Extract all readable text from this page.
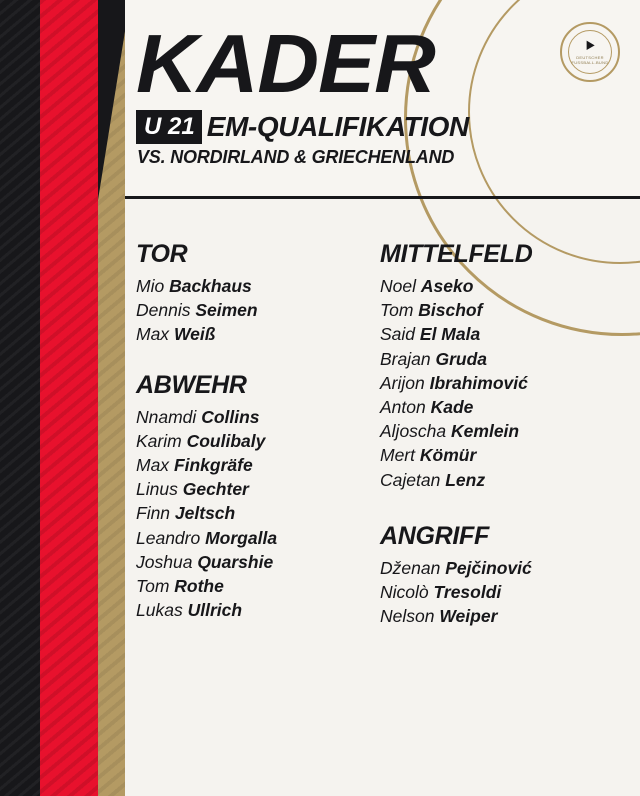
⯈
DEUTSCHER FUSSBALL-BUND
KADER
U 21 EM-QUALIFIKATION
VS. NORDIRLAND & GRIECHENLAND
TOR
Mio Backhaus
Dennis Seimen
Max Weiß
ABWEHR
Nnamdi Collins
Karim Coulibaly
Max Finkgräfe
Linus Gechter
Finn Jeltsch
Leandro Morgalla
Joshua Quarshie
Tom Rothe
Lukas Ullrich
MITTELFELD
Noel Aseko
Tom Bischof
Said El Mala
Brajan Gruda
Arijon Ibrahimović
Anton Kade
Aljoscha Kemlein
Mert Kömür
Cajetan Lenz
ANGRIFF
Dženan Pejčinović
Nicolò Tresoldi
Nelson Weiper
